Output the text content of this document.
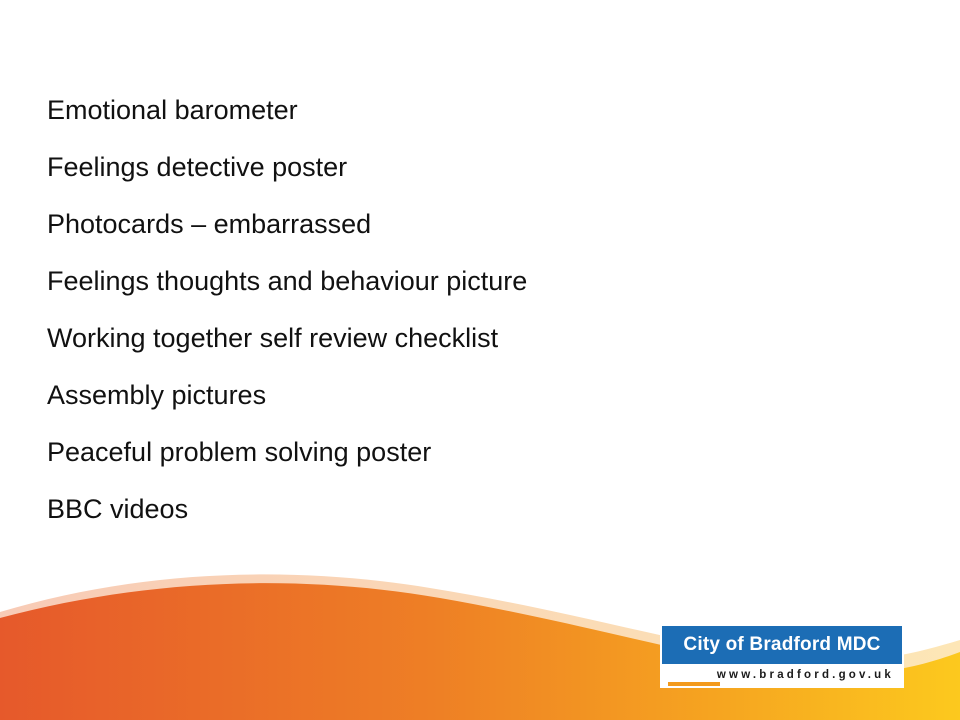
Emotional barometer
Feelings detective poster
Photocards – embarrassed
Feelings thoughts and behaviour picture
Working together self review checklist
Assembly pictures
Peaceful problem solving poster
BBC videos
City of Bradford MDC
www.bradford.gov.uk
